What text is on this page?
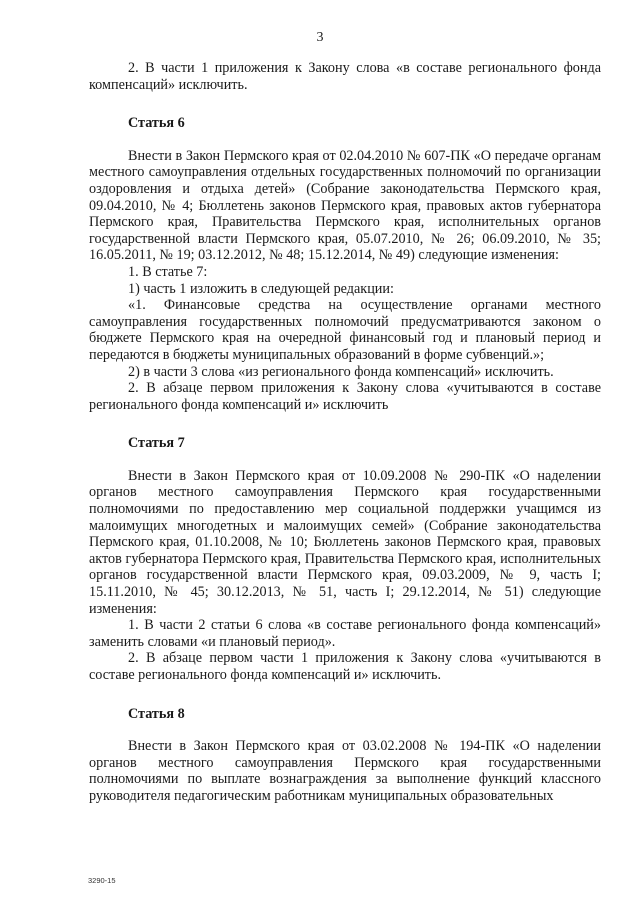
3

2. В части 1 приложения к Закону слова «в составе регионального фонда компенсаций» исключить.

Статья 6

Внести в Закон Пермского края от 02.04.2010 № 607-ПК «О передаче органам местного самоуправления отдельных государственных полномочий по организации оздоровления и отдыха детей» (Собрание законодательства Пермского края, 09.04.2010, № 4; Бюллетень законов Пермского края, правовых актов губернатора Пермского края, Правительства Пермского края, исполнительных органов государственной власти Пермского края, 05.07.2010, № 26; 06.09.2010, № 35; 16.05.2011, № 19; 03.12.2012, № 48; 15.12.2014, № 49) следующие изменения:

1. В статье 7:

1) часть 1 изложить в следующей редакции:

«1. Финансовые средства на осуществление органами местного самоуправления государственных полномочий предусматриваются законом о бюджете Пермского края на очередной финансовый год и плановый период и передаются в бюджеты муниципальных образований в форме субвенций.»;

2) в части 3 слова «из регионального фонда компенсаций» исключить.

2. В абзаце первом приложения к Закону слова «учитываются в составе регионального фонда компенсаций и» исключить

Статья 7

Внести в Закон Пермского края от 10.09.2008 № 290-ПК «О наделении органов местного самоуправления Пермского края государственными полномочиями по предоставлению мер социальной поддержки учащимся из малоимущих многодетных и малоимущих семей» (Собрание законодательства Пермского края, 01.10.2008, № 10; Бюллетень законов Пермского края, правовых актов губернатора Пермского края, Правительства Пермского края, исполнительных органов государственной власти Пермского края, 09.03.2009, № 9, часть I; 15.11.2010, № 45; 30.12.2013, № 51, часть I; 29.12.2014, № 51) следующие изменения:

1. В части 2 статьи 6 слова «в составе регионального фонда компенсаций» заменить словами «и плановый период».

2. В абзаце первом части 1 приложения к Закону слова «учитываются в составе регионального фонда компенсаций и» исключить.

Статья 8

Внести в Закон Пермского края от 03.02.2008 № 194-ПК «О наделении органов местного самоуправления Пермского края государственными полномочиями по выплате вознаграждения за выполнение функций классного руководителя педагогическим работникам муниципальных образовательных

3290-15
